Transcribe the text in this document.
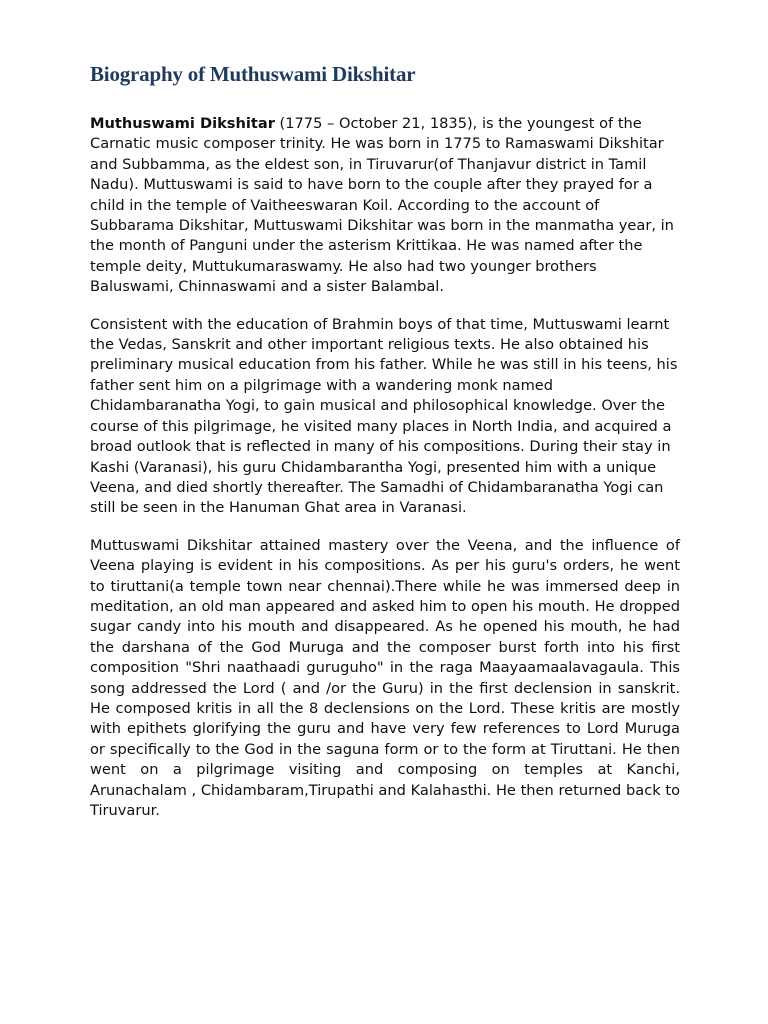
Biography of Muthuswami Dikshitar

Muthuswami Dikshitar (1775 – October 21, 1835), is the youngest of the Carnatic music composer trinity. He was born in 1775 to Ramaswami Dikshitar and Subbamma, as the eldest son, in Tiruvarur(of Thanjavur district in Tamil Nadu). Muttuswami is said to have born to the couple after they prayed for a child in the temple of Vaitheeswaran Koil. According to the account of Subbarama Dikshitar, Muttuswami Dikshitar was born in the manmatha year, in the month of Panguni under the asterism Krittikaa. He was named after the temple deity, Muttukumaraswamy. He also had two younger brothers Baluswami, Chinnaswami and a sister Balambal.

Consistent with the education of Brahmin boys of that time, Muttuswami learnt the Vedas, Sanskrit and other important religious texts. He also obtained his preliminary musical education from his father. While he was still in his teens, his father sent him on a pilgrimage with a wandering monk named Chidambaranatha Yogi, to gain musical and philosophical knowledge. Over the course of this pilgrimage, he visited many places in North India, and acquired a broad outlook that is reflected in many of his compositions. During their stay in Kashi (Varanasi), his guru Chidambarantha Yogi, presented him with a unique Veena, and died shortly thereafter. The Samadhi of Chidambaranatha Yogi can still be seen in the Hanuman Ghat area in Varanasi.

Muttuswami Dikshitar attained mastery over the Veena, and the influence of Veena playing is evident in his compositions. As per his guru's orders, he went to tiruttani(a temple town near chennai).There while he was immersed deep in meditation, an old man appeared and asked him to open his mouth. He dropped sugar candy into his mouth and disappeared. As he opened his mouth, he had the darshana of the God Muruga and the composer burst forth into his first composition "Shri naathaadi guruguho" in the raga Maayaamaalavagaula. This song addressed the Lord ( and /or the Guru) in the first declension in sanskrit. He composed kritis in all the 8 declensions on the Lord. These kritis are mostly with epithets glorifying the guru and have very few references to Lord Muruga or specifically to the God in the saguna form or to the form at Tiruttani. He then went on a pilgrimage visiting and composing on temples at Kanchi, Arunachalam , Chidambaram,Tirupathi and Kalahasthi. He then returned back to Tiruvarur.
